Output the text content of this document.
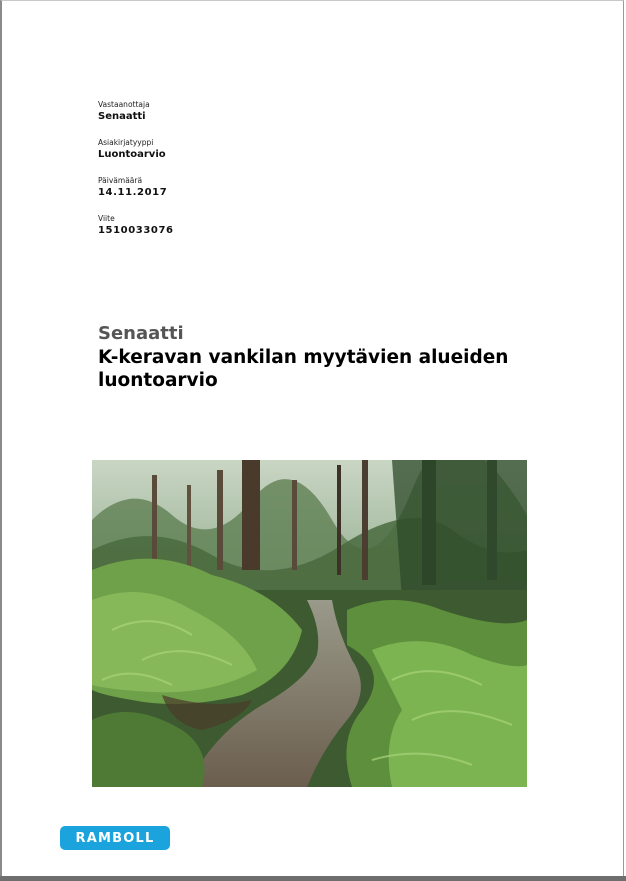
Vastaanottaja
Senaatti
Asiakirjatyyppi
Luontoarvio
Päivämäärä
14.11.2017
Viite
1510033076
Senaatti
K-keravan vankilan myytävien alueiden
luontoarvio
RAMBOLL
